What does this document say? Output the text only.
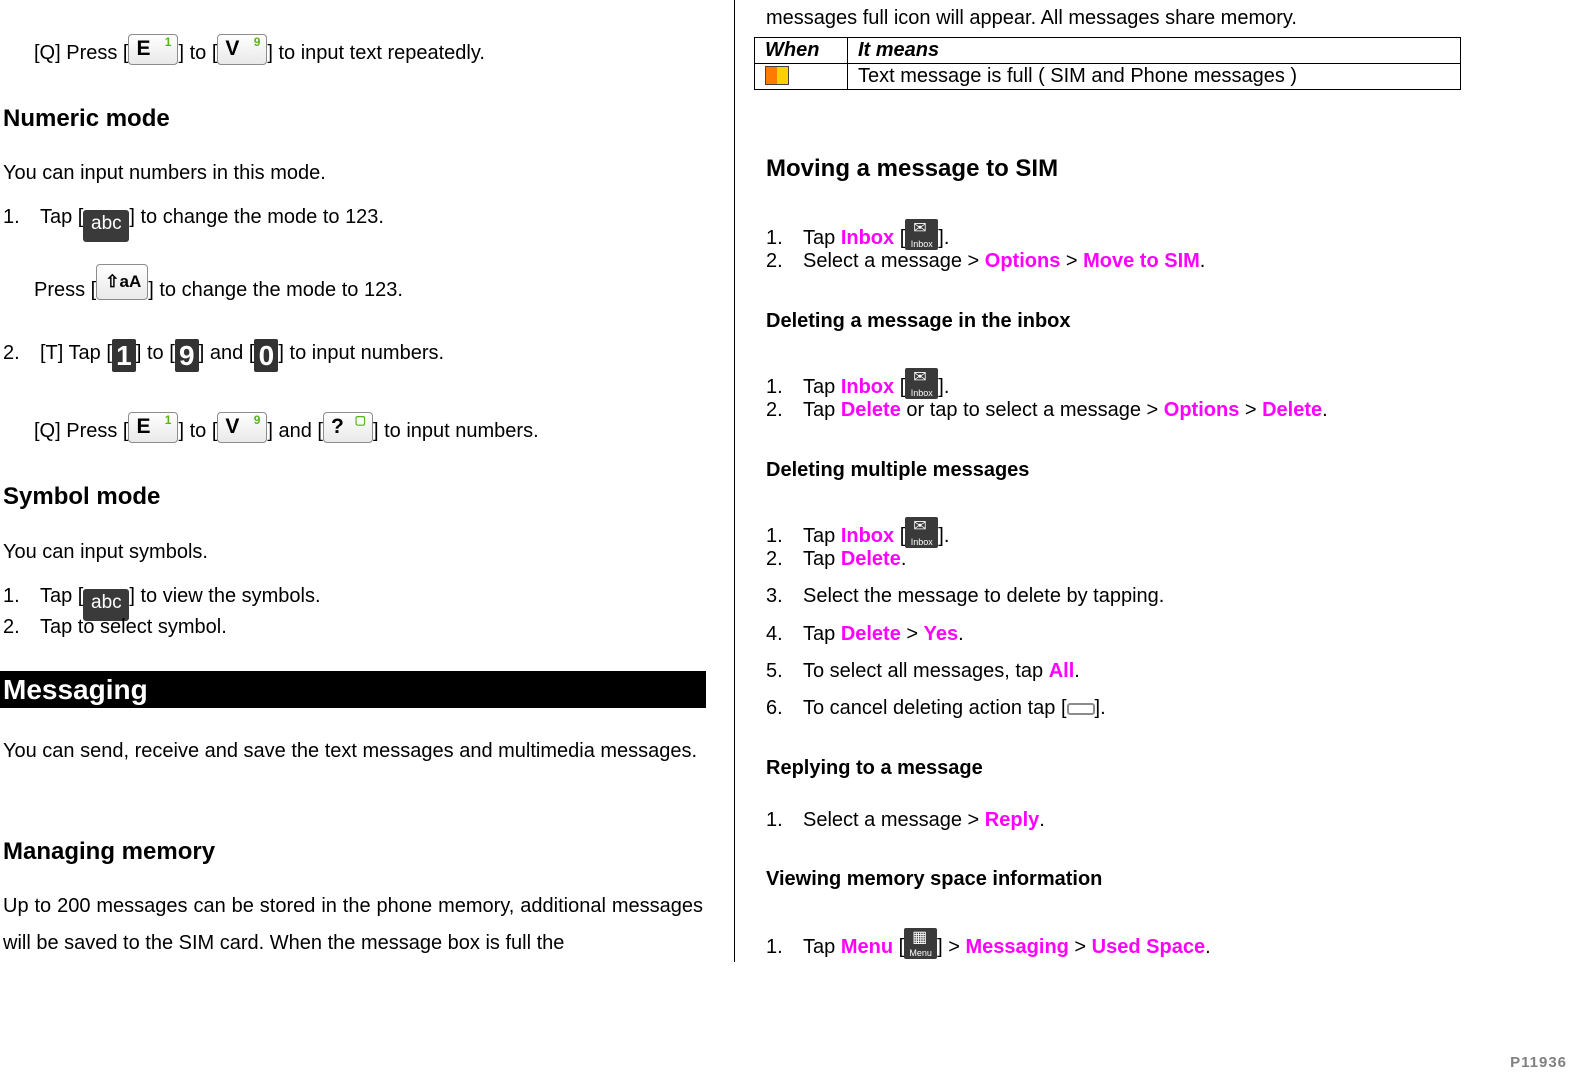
[Q] Press [ E 1 ] to [ V 9 ] to input text repeatedly.
Numeric mode
You can input numbers in this mode.
1. Tap [ abc ] to change the mode to 123.
Press [ ⇧aA ] to change the mode to 123.
2. [T] Tap [ 1 ] to [ 9 ] and [ 0 ] to input numbers.
[Q] Press [ E 1 ] to [ V 9 ] and [ ? ▢ ] to input numbers.
Symbol mode
You can input symbols.
1. Tap [ abc ] to view the symbols.
2. Tap to select symbol.
Messaging
You can send, receive and save the text messages and multimedia messages.
Managing memory
Up to 200 messages can be stored in the phone memory, additional messages will be saved to the SIM card. When the message box is full the
messages full icon will appear. All messages share memory.
When	It means
	Text message is full ( SIM and Phone messages )
Moving a message to SIM
1. Tap Inbox [ ✉
Inbox ].
2. Select a message > Options > Move to SIM.
Deleting a message in the inbox
1. Tap Inbox [ ✉
Inbox ].
2. Tap Delete or tap to select a message > Options > Delete.
Deleting multiple messages
1. Tap Inbox [ ✉
Inbox ].
2. Tap Delete.
3. Select the message to delete by tapping.
4. Tap Delete > Yes.
5. To select all messages, tap All.
6. To cancel deleting action tap [ ].
Replying to a message
1. Select a message > Reply.
Viewing memory space information
1. Tap Menu [ ▦
Menu ] > Messaging > Used Space.
P11936
